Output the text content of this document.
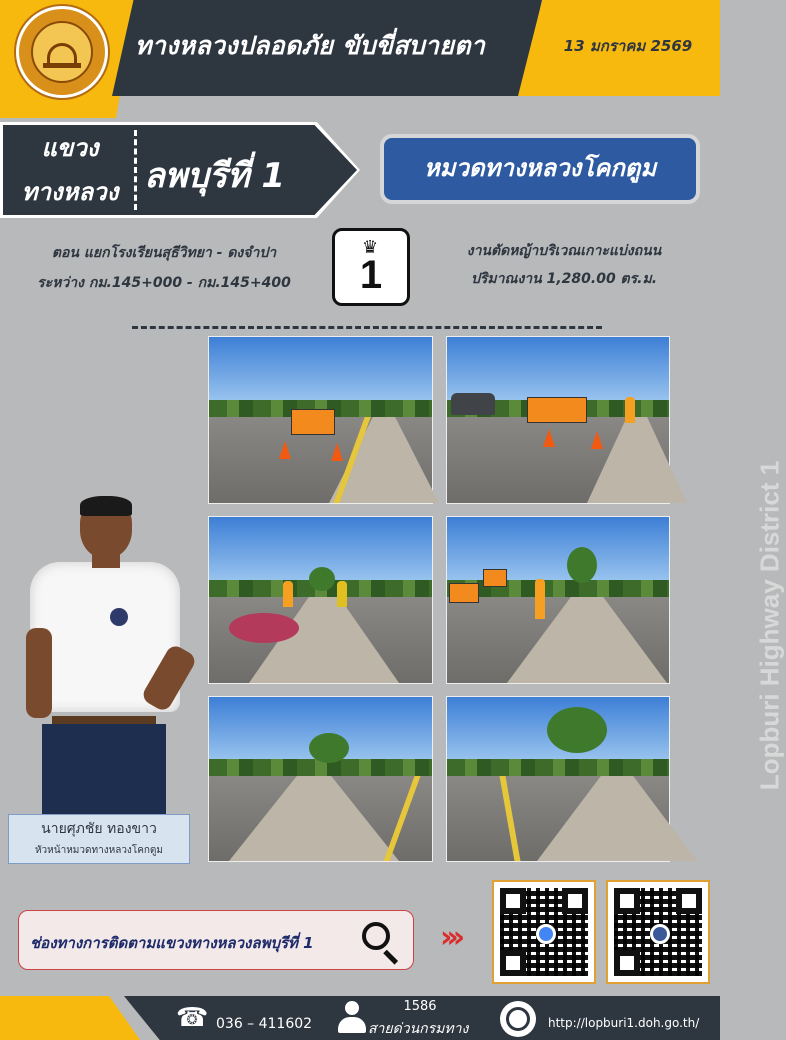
ทางหลวงปลอดภัย ขับขี่สบายตา	13 มกราคม 2569
แขวง
ทางหลวง ลพบุรีที่ 1	หมวดทางหลวงโคกตูม
ตอน แยกโรงเรียนสุธีวิทยา - ดงจำปา
ระหว่าง กม.145+000 - กม.145+400
♛
1
งานตัดหญ้าบริเวณเกาะแบ่งถนน
ปริมาณงาน 1,280.00 ตร.ม.
Lopburi Highway District 1
นายศุภชัย ทองขาว
หัวหน้าหมวดทางหลวงโคกตูม
ช่องทางการติดตามแขวงทางหลวงลพบุรีที่ 1	›››
☎ 036 – 411602
1586
สายด่วนกรมทาง	http://lopburi1.doh.go.th/
